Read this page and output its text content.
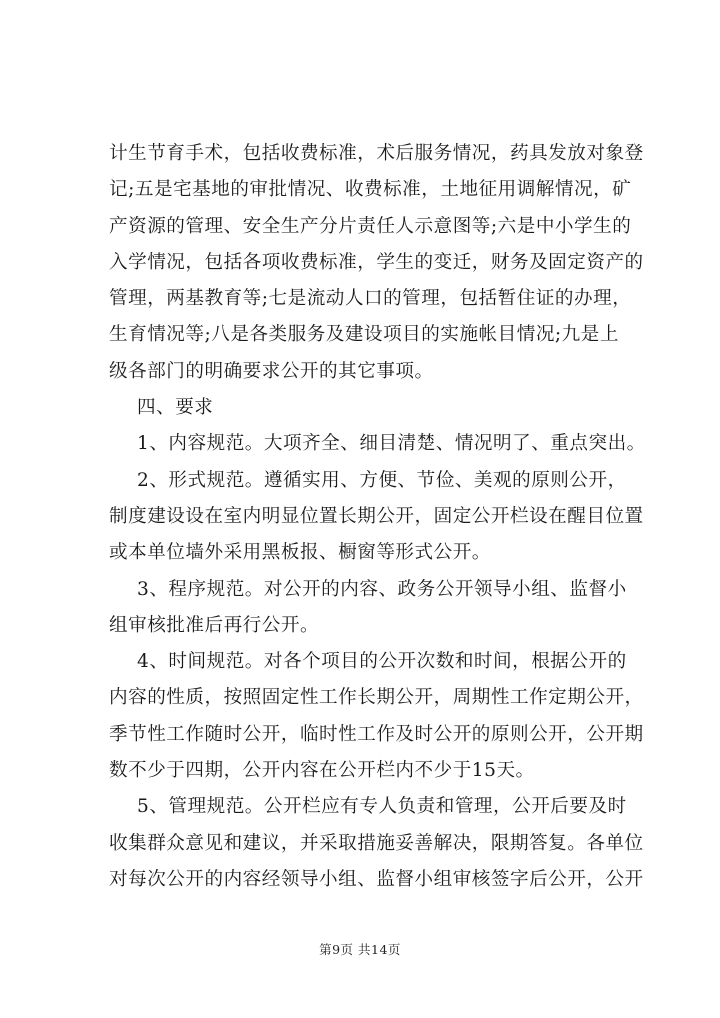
计生节育手术，包括收费标准，术后服务情况，药具发放对象登
记;五是宅基地的审批情况、收费标准，土地征用调解情况，矿
产资源的管理、安全生产分片责任人示意图等;六是中小学生的
入学情况，包括各项收费标准，学生的变迁，财务及固定资产的
管理，两基教育等;七是流动人口的管理，包括暂住证的办理，
生育情况等;八是各类服务及建设项目的实施帐目情况;九是上
级各部门的明确要求公开的其它事项。

四、要求

1、内容规范。大项齐全、细目清楚、情况明了、重点突出。

2、形式规范。遵循实用、方便、节俭、美观的原则公开，
制度建设设在室内明显位置长期公开，固定公开栏设在醒目位置
或本单位墙外采用黑板报、橱窗等形式公开。

3、程序规范。对公开的内容、政务公开领导小组、监督小
组审核批准后再行公开。

4、时间规范。对各个项目的公开次数和时间，根据公开的
内容的性质，按照固定性工作长期公开，周期性工作定期公开，
季节性工作随时公开，临时性工作及时公开的原则公开，公开期
数不少于四期，公开内容在公开栏内不少于15天。

5、管理规范。公开栏应有专人负责和管理，公开后要及时
收集群众意见和建议，并采取措施妥善解决，限期答复。各单位
对每次公开的内容经领导小组、监督小组审核签字后公开，公开

第9页 共14页
